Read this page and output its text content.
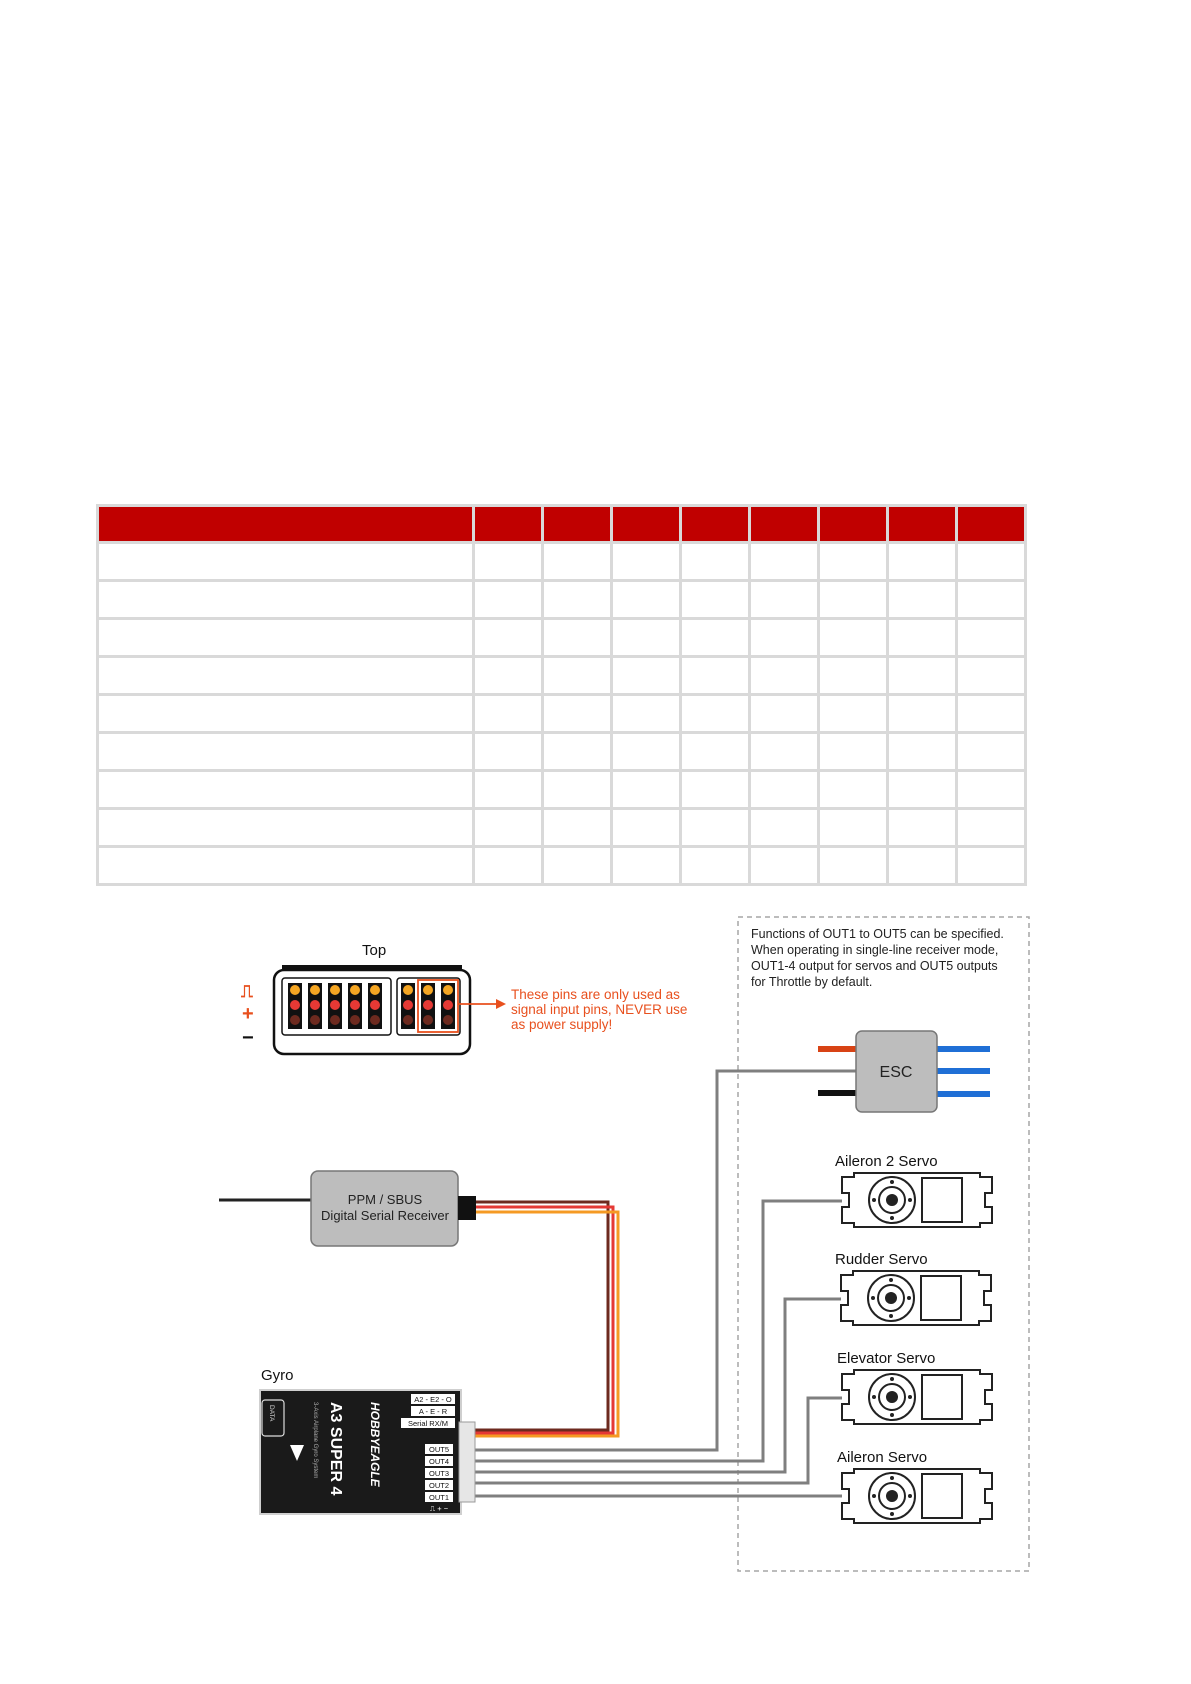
Functions of OUT1 to OUT5 can be specified. When operating in single-line receiver mode, OUT1-4 output for servos and OUT5 outputs for Throttle by default.
Top
These pins are only used as signal input pins, NEVER use as power supply!
⎍
+
−
ESC
PPM / SBUS
Digital Serial Receiver
Gyro
DATA	A3 SUPER 4
3-Axis Airplane Gyro System	HOBBYEAGLE
A2 - E2 - O
A - E - R
Serial RX/M
OUT5
OUT4
OUT3
OUT2
OUT1
⎍ + −
Aileron 2 Servo
Rudder Servo
Elevator Servo
Aileron Servo
